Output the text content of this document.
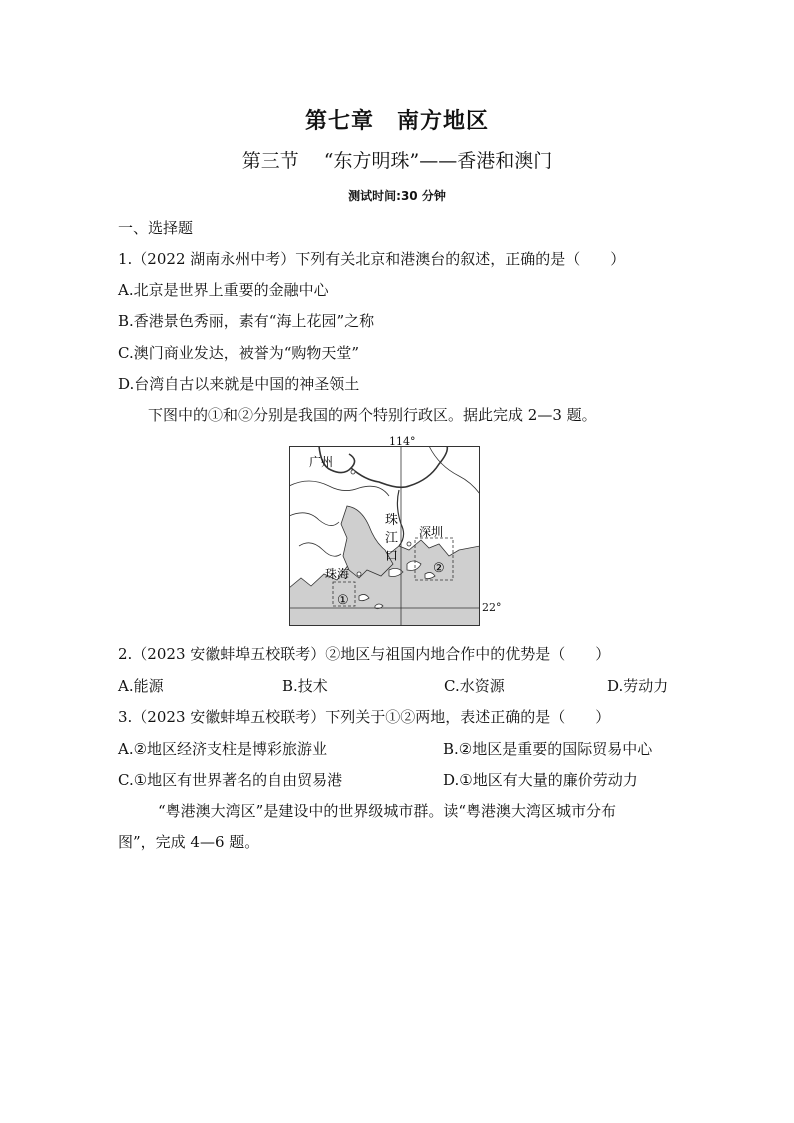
第七章　南方地区
第三节　 “东方明珠”——香港和澳门
测试时间:30 分钟
一、选择题
1.（2022 湖南永州中考）下列有关北京和港澳台的叙述，正确的是（　　）
A.北京是世界上重要的金融中心
B.香港景色秀丽，素有“海上花园”之称
C.澳门商业发达，被誉为“购物天堂”
D.台湾自古以来就是中国的神圣领土
下图中的①和②分别是我国的两个特别行政区。据此完成 2—3 题。
广州
深圳
珠海
珠
江
口
②
①
114°
22°
2.（2023 安徽蚌埠五校联考）②地区与祖国内地合作中的优势是（　　）
A.能源	B.技术	C.水资源	D.劳动力
3.（2023 安徽蚌埠五校联考）下列关于①②两地，表述正确的是（　　）
A.②地区经济支柱是博彩旅游业	B.②地区是重要的国际贸易中心
C.①地区有世界著名的自由贸易港	D.①地区有大量的廉价劳动力
“粤港澳大湾区”是建设中的世界级城市群。读“粤港澳大湾区城市分布
图”，完成 4—6 题。
